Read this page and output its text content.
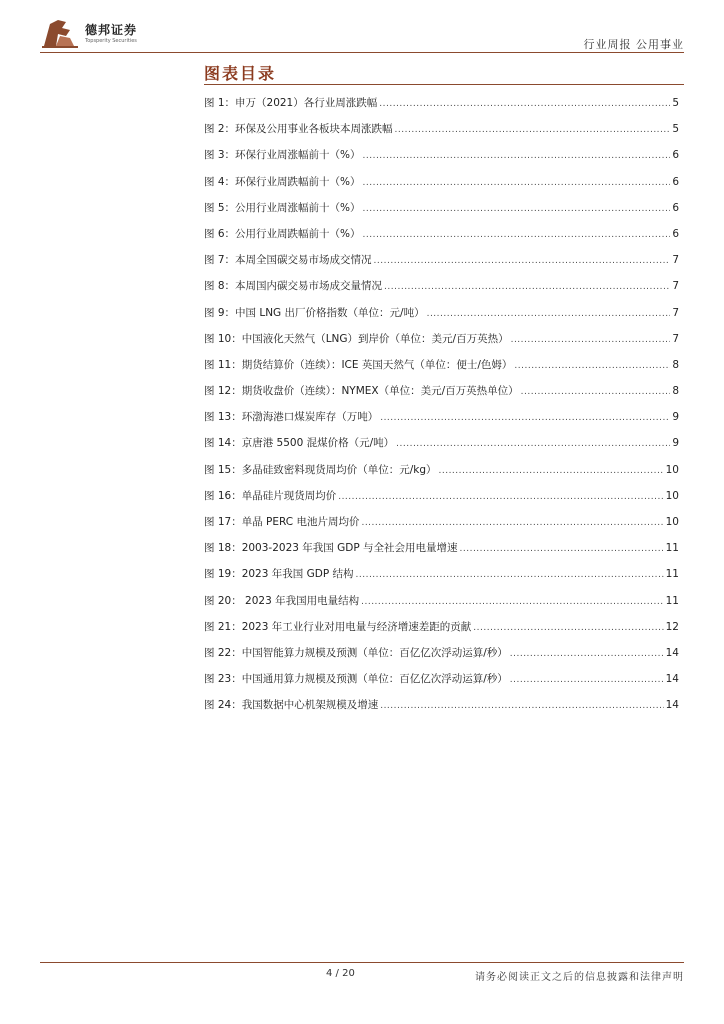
德邦证券
Topsperity Securities	行业周报 公用事业
图表目录
图 1：申万（2021）各行业周涨跌幅 .....	5
图 2：环保及公用事业各板块本周涨跌幅 .....	5
图 3：环保行业周涨幅前十（%） .....	6
图 4：环保行业周跌幅前十（%） .....	6
图 5：公用行业周涨幅前十（%） .....	6
图 6：公用行业周跌幅前十（%） .....	6
图 7：本周全国碳交易市场成交情况 .....	7
图 8：本周国内碳交易市场成交量情况 .....	7
图 9：中国 LNG 出厂价格指数（单位：元/吨） .....	7
图 10：中国液化天然气（LNG）到岸价（单位：美元/百万英热） .....	7
图 11：期货结算价（连续）：ICE 英国天然气（单位：便士/色姆） .....	8
图 12：期货收盘价（连续）：NYMEX（单位：美元/百万英热单位） .....	8
图 13：环渤海港口煤炭库存（万吨） .....	9
图 14：京唐港 5500 混煤价格（元/吨） .....	9
图 15：多晶硅致密料现货周均价（单位：元/kg） .....	10
图 16：单晶硅片现货周均价 .....	10
图 17：单晶 PERC 电池片周均价 .....	10
图 18：2003-2023 年我国 GDP 与全社会用电量增速 .....	11
图 19：2023 年我国 GDP 结构 .....	11
图 20： 2023 年我国用电量结构 .....	11
图 21：2023 年工业行业对用电量与经济增速差距的贡献 .....	12
图 22：中国智能算力规模及预测（单位：百亿亿次浮动运算/秒） .....	14
图 23：中国通用算力规模及预测（单位：百亿亿次浮动运算/秒） .....	14
图 24：我国数据中心机架规模及增速 .....	14
4 / 20	请务必阅读正文之后的信息披露和法律声明
